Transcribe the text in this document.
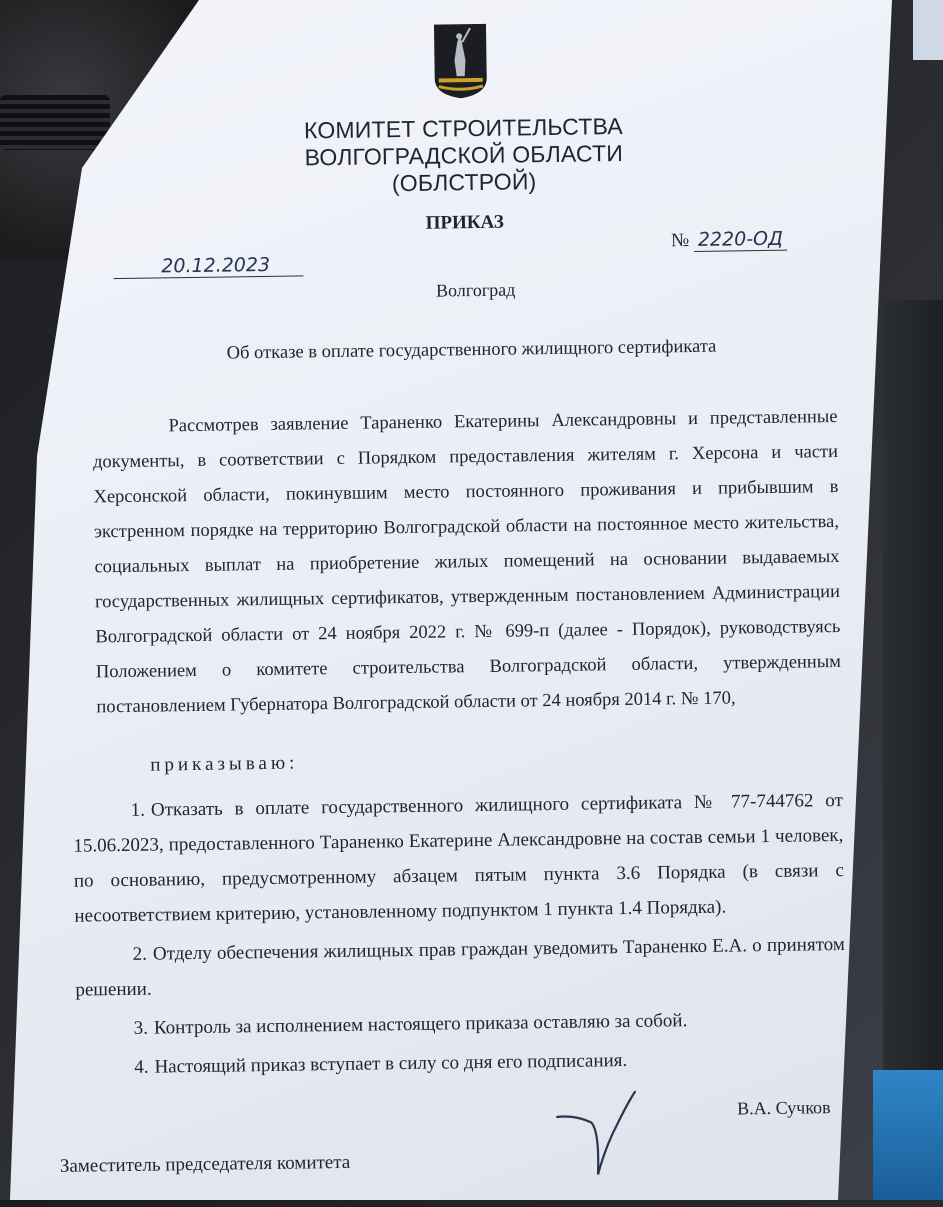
КОМИТЕТ СТРОИТЕЛЬСТВА
ВОЛГОГРАДСКОЙ ОБЛАСТИ
(ОБЛСТРОЙ)
ПРИКАЗ
20.12.2023
№ 2220-ОД
Волгоград
Об отказе в оплате государственного жилищного сертификата

Рассмотрев заявление Тараненко Екатерины Александровны и представленные документы, в соответствии с Порядком предоставления жителям г. Херсона и части Херсонской области, покинувшим место постоянного проживания и прибывшим в экстренном порядке на территорию Волгоградской области на постоянное место жительства, социальных выплат на приобретение жилых помещений на основании выдаваемых государственных жилищных сертификатов, утвержденным постановлением Администрации Волгоградской области от 24 ноября 2022 г. № 699-п (далее - Порядок), руководствуясь Положением о комитете строительства Волгоградской области, утвержденным постановлением Губернатора Волгоградской области от 24 ноября 2014 г. № 170,

приказываю:

1. Отказать в оплате государственного жилищного сертификата № 77-744762 от 15.06.2023, предоставленного Тараненко Екатерине Александровне на состав семьи 1 человек, по основанию, предусмотренному абзацем пятым пункта 3.6 Порядка (в связи с несоответствием критерию, установленному подпунктом 1 пункта 1.4 Порядка).

2. Отделу обеспечения жилищных прав граждан уведомить Тараненко Е.А. о принятом решении.

3. Контроль за исполнением настоящего приказа оставляю за собой.

4. Настоящий приказ вступает в силу со дня его подписания.

В.А. Сучков
Заместитель председателя комитета
